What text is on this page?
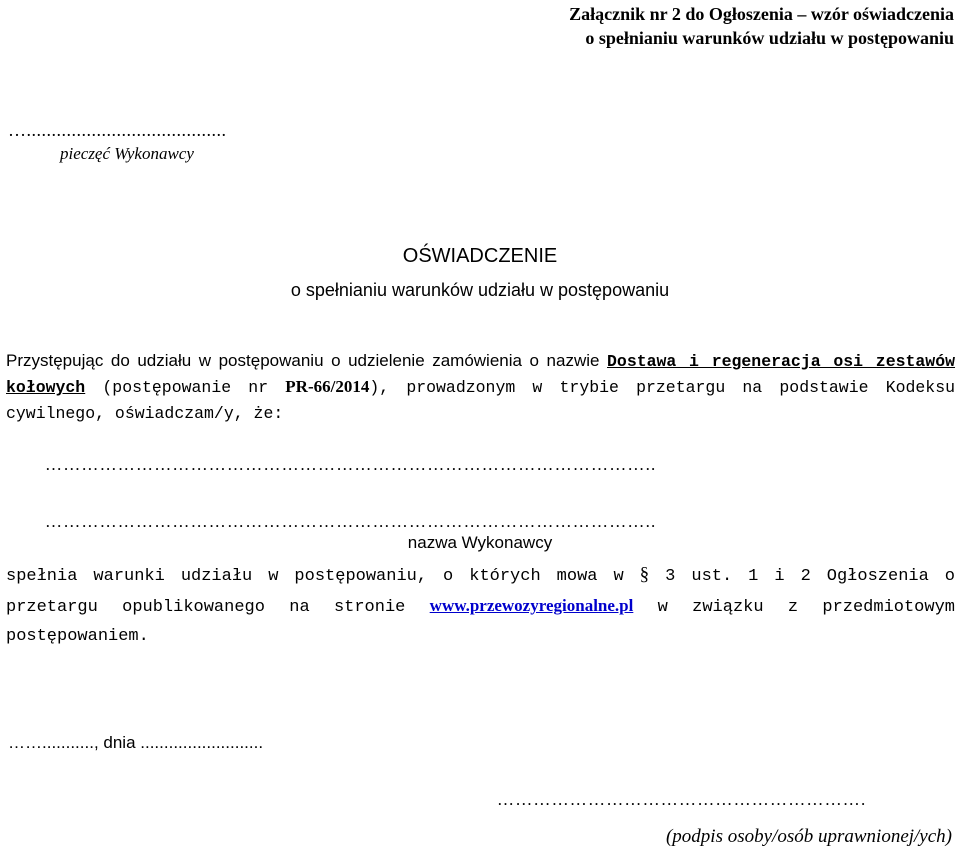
Załącznik nr 2 do Ogłoszenia – wzór oświadczenia
o spełnianiu warunków udziału w postępowaniu
…........................................
pieczęć Wykonawcy
OŚWIADCZENIE
o spełnianiu warunków udziału w postępowaniu
Przystępując do udziału w postępowaniu o udzielenie zamówienia o nazwie Dostawa i regeneracja osi zestawów kołowych (postępowanie nr PR-66/2014), prowadzonym w trybie przetargu na podstawie Kodeksu cywilnego, oświadczam/y, że:
………………………………………………………………………………………..
………………………………………………………………………………………..
nazwa Wykonawcy
spełnia warunki udziału w postępowaniu, o których mowa w § 3 ust. 1 i 2 Ogłoszenia o przetargu opublikowanego na stronie www.przewozyregionalne.pl w związku z przedmiotowym postępowaniem.
……..........., dnia ..........................
…………………………………………………….
(podpis osoby/osób uprawnionej/ych)
